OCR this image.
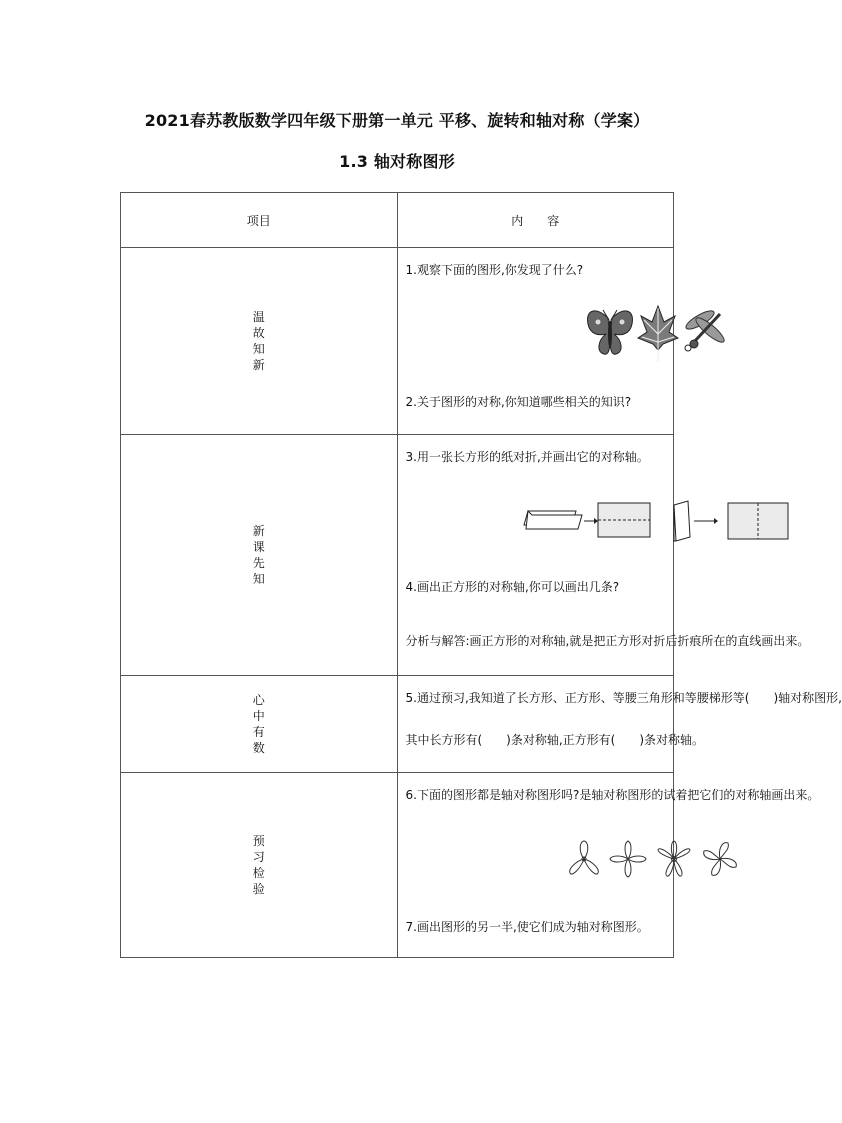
2021春苏教版数学四年级下册第一单元 平移、旋转和轴对称（学案）
1.3 轴对称图形
项目	内　　容

温故知新	1.观察下面的图形,你发现了什么?
2.关于图形的对称,你知道哪些相关的知识?

新课先知	3.用一张长方形的纸对折,并画出它的对称轴。
4.画出正方形的对称轴,你可以画出几条?
分析与解答:画正方形的对称轴,就是把正方形对折后折痕所在的直线画出来。

心中有数	5.通过预习,我知道了长方形、正方形、等腰三角形和等腰梯形等(　　)轴对称图形,
其中长方形有(　　)条对称轴,正方形有(　　)条对称轴。

预习检验	6.下面的图形都是轴对称图形吗?是轴对称图形的试着把它们的对称轴画出来。
7.画出图形的另一半,使它们成为轴对称图形。
